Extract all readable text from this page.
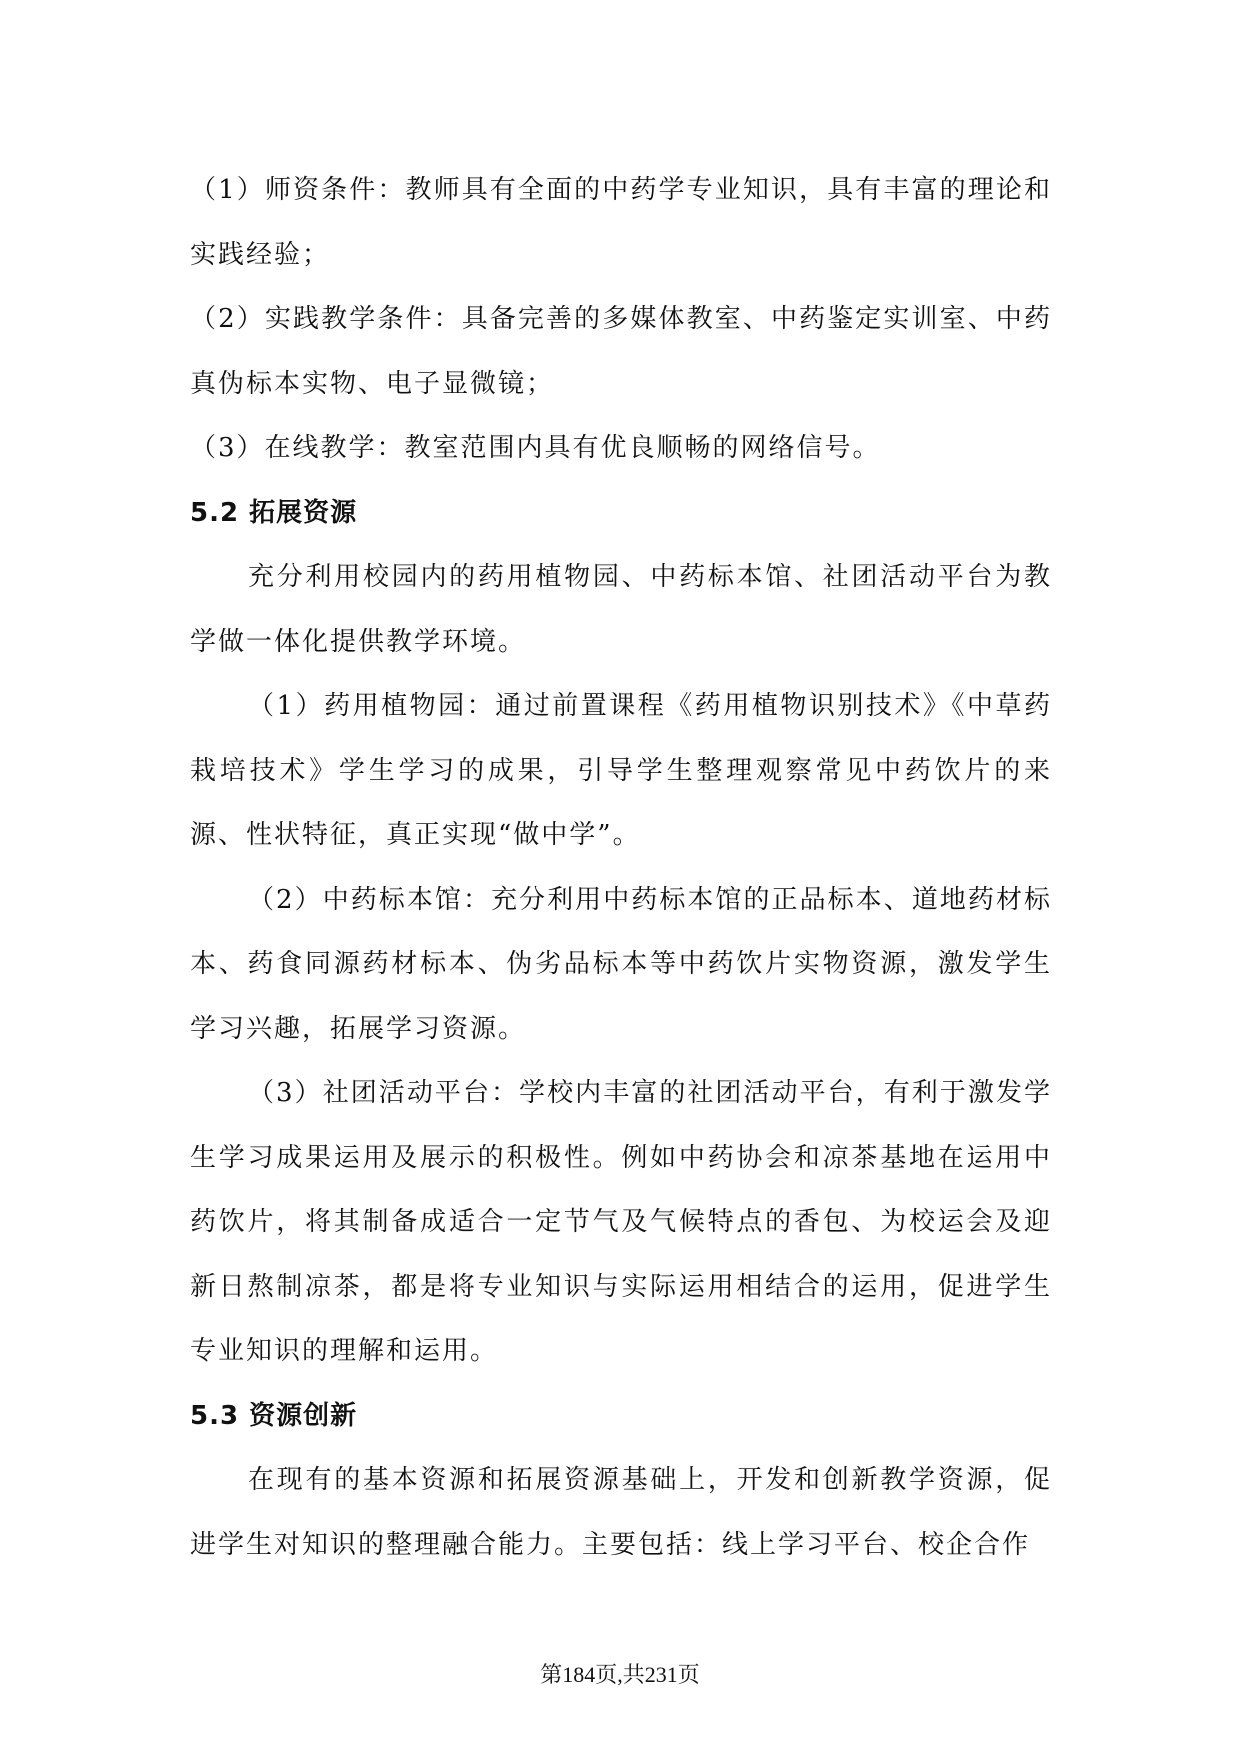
（1）师资条件：教师具有全面的中药学专业知识，具有丰富的理论和实践经验；

（2）实践教学条件：具备完善的多媒体教室、中药鉴定实训室、中药真伪标本实物、电子显微镜；

（3）在线教学：教室范围内具有优良顺畅的网络信号。

5.2 拓展资源

充分利用校园内的药用植物园、中药标本馆、社团活动平台为教学做一体化提供教学环境。

（1）药用植物园：通过前置课程《药用植物识别技术》《中草药栽培技术》学生学习的成果，引导学生整理观察常见中药饮片的来源、性状特征，真正实现“做中学”。

（2）中药标本馆：充分利用中药标本馆的正品标本、道地药材标本、药食同源药材标本、伪劣品标本等中药饮片实物资源，激发学生学习兴趣，拓展学习资源。

（3）社团活动平台：学校内丰富的社团活动平台，有利于激发学生学习成果运用及展示的积极性。例如中药协会和凉茶基地在运用中药饮片，将其制备成适合一定节气及气候特点的香包、为校运会及迎新日熬制凉茶，都是将专业知识与实际运用相结合的运用，促进学生专业知识的理解和运用。

5.3 资源创新

在现有的基本资源和拓展资源基础上，开发和创新教学资源，促进学生对知识的整理融合能力。主要包括：线上学习平台、校企合作

第184页,共231页
